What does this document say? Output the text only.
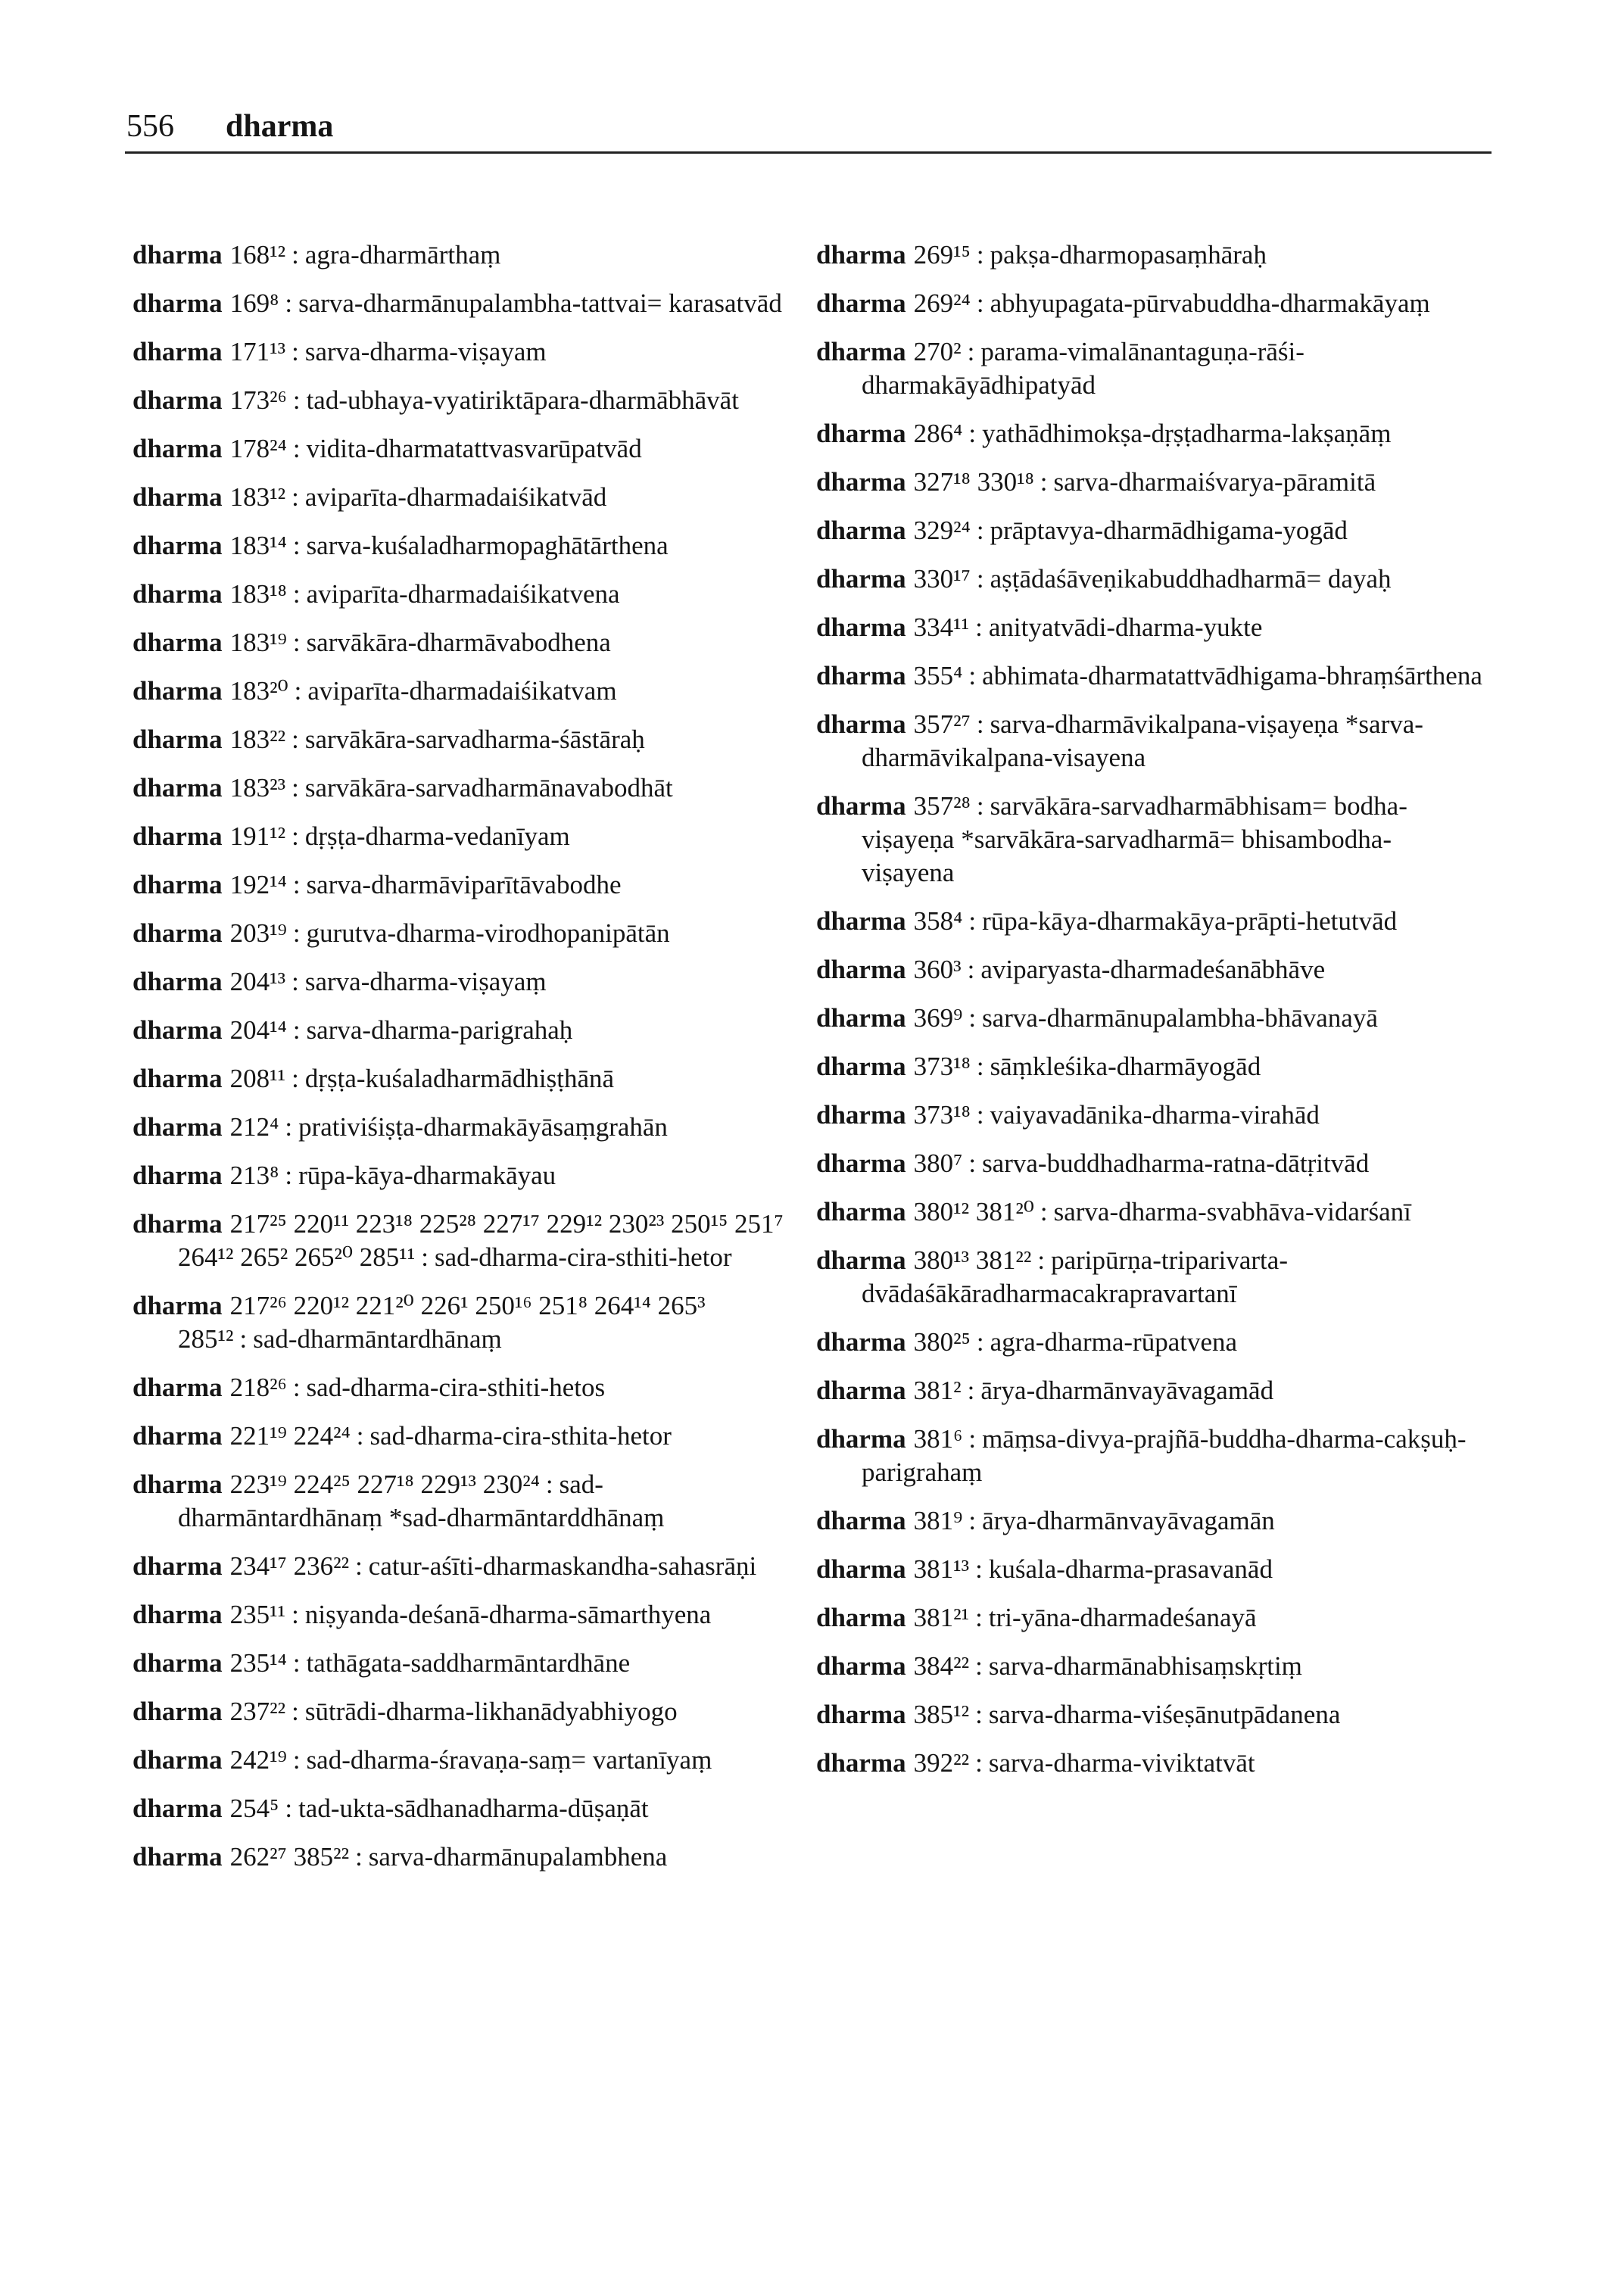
556 dharma
dharma 168¹² : agra-dharmārthaṃ
dharma 169⁸ : sarva-dharmānupalambha-tattvai= karasatvād
dharma 171¹³ : sarva-dharma-viṣayam
dharma 173²⁶ : tad-ubhaya-vyatiriktāpara-dharmābhāvāt
dharma 178²⁴ : vidita-dharmatattvasvarūpatvād
dharma 183¹² : aviparīta-dharmadaiśikatvād
dharma 183¹⁴ : sarva-kuśaladharmopaghātārthena
dharma 183¹⁸ : aviparīta-dharmadaiśikatvena
dharma 183¹⁹ : sarvākāra-dharmāvabodhena
dharma 183²⁰ : aviparīta-dharmadaiśikatvam
dharma 183²² : sarvākāra-sarvadharma-śāstāraḥ
dharma 183²³ : sarvākāra-sarvadharmānavabodhāt
dharma 191¹² : dṛṣṭa-dharma-vedanīyam
dharma 192¹⁴ : sarva-dharmāviparītāvabodhe
dharma 203¹⁹ : gurutva-dharma-virodhopanipātān
dharma 204¹³ : sarva-dharma-viṣayaṃ
dharma 204¹⁴ : sarva-dharma-parigrahaḥ
dharma 208¹¹ : dṛṣṭa-kuśaladharmādhiṣṭhānā
dharma 212⁴ : prativiśiṣṭa-dharmakāyāsaṃgrahān
dharma 213⁸ : rūpa-kāya-dharmakāyau
dharma 217²⁵ 220¹¹ 223¹⁸ 225²⁸ 227¹⁷ 229¹² 230²³ 250¹⁵ 251⁷ 264¹² 265² 265²⁰ 285¹¹ : sad-dharma-cira-sthiti-hetor
dharma 217²⁶ 220¹² 221²⁰ 226¹ 250¹⁶ 251⁸ 264¹⁴ 265³ 285¹² : sad-dharmāntardhānaṃ
dharma 218²⁶ : sad-dharma-cira-sthiti-hetos
dharma 221¹⁹ 224²⁴ : sad-dharma-cira-sthita-hetor
dharma 223¹⁹ 224²⁵ 227¹⁸ 229¹³ 230²⁴ : sad-dharmāntardhānaṃ *sad-dharmāntarddhānaṃ
dharma 234¹⁷ 236²² : catur-aśīti-dharmaskandha-sahasrāṇi
dharma 235¹¹ : niṣyanda-deśanā-dharma-sāmarthyena
dharma 235¹⁴ : tathāgata-saddharmāntardhāne
dharma 237²² : sūtrādi-dharma-likhanādyabhiyogo
dharma 242¹⁹ : sad-dharma-śravaṇa-saṃ= vartanīyaṃ
dharma 254⁵ : tad-ukta-sādhanadharma-dūṣaṇāt
dharma 262²⁷ 385²² : sarva-dharmānupalambhena
dharma 269¹⁵ : pakṣa-dharmopasaṃhāraḥ
dharma 269²⁴ : abhyupagata-pūrvabuddha-dharmakāyaṃ
dharma 270² : parama-vimalānantaguṇa-rāśi-dharmakāyādhipatyād
dharma 286⁴ : yathādhimokṣa-dṛṣṭadharma-lakṣaṇāṃ
dharma 327¹⁸ 330¹⁸ : sarva-dharmaiśvarya-pāramitā
dharma 329²⁴ : prāptavya-dharmādhigama-yogād
dharma 330¹⁷ : aṣṭādaśāveṇikabuddhadharmā= dayaḥ
dharma 334¹¹ : anityatvādi-dharma-yukte
dharma 355⁴ : abhimata-dharmatattvādhigama-bhraṃśārthena
dharma 357²⁷ : sarva-dharmāvikalpana-viṣayeṇa *sarva-dharmāvikalpana-visayena
dharma 357²⁸ : sarvākāra-sarvadharmābhisam= bodha-viṣayeṇa *sarvākāra-sarvadharmā= bhisambodha-viṣayena
dharma 358⁴ : rūpa-kāya-dharmakāya-prāpti-hetutvād
dharma 360³ : aviparyasta-dharmadeśanābhāve
dharma 369⁹ : sarva-dharmānupalambha-bhāvanayā
dharma 373¹⁸ : sāṃkleśika-dharmāyogād
dharma 373¹⁸ : vaiyavadānika-dharma-virahād
dharma 380⁷ : sarva-buddhadharma-ratna-dātṛitvād
dharma 380¹² 381²⁰ : sarva-dharma-svabhāva-vidarśanī
dharma 380¹³ 381²² : paripūrṇa-triparivarta-dvādaśākāradharmacakrapravartanī
dharma 380²⁵ : agra-dharma-rūpatvena
dharma 381² : ārya-dharmānvayāvagamād
dharma 381⁶ : māṃsa-divya-prajñā-buddha-dharma-cakṣuḥ-parigrahaṃ
dharma 381⁹ : ārya-dharmānvayāvagamān
dharma 381¹³ : kuśala-dharma-prasavanād
dharma 381²¹ : tri-yāna-dharmadeśanayā
dharma 384²² : sarva-dharmānabhisaṃskṛtiṃ
dharma 385¹² : sarva-dharma-viśeṣānutpādanena
dharma 392²² : sarva-dharma-viviktatvāt
